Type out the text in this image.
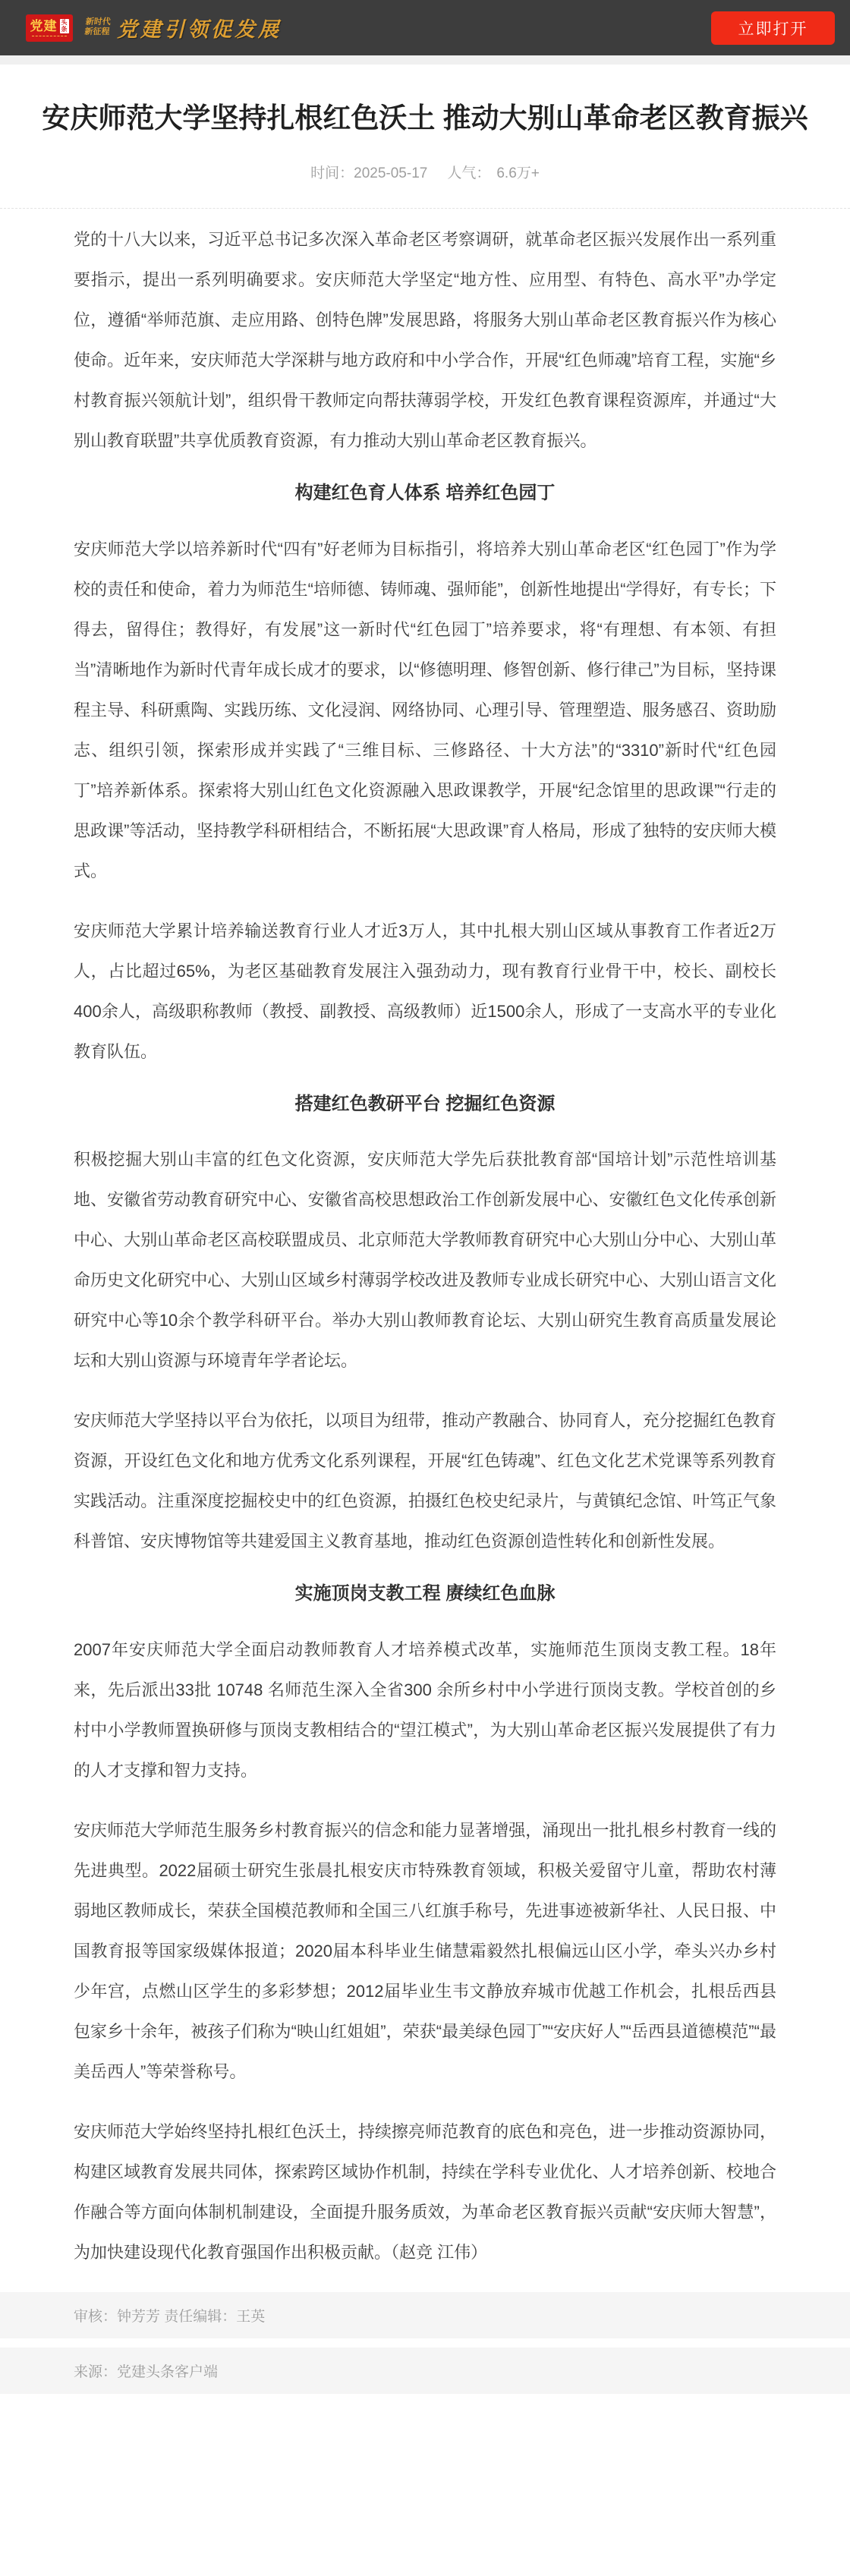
党建 头条
新时代
新征程 党建引领促发展	立即打开
安庆师范大学坚持扎根红色沃土 推动大别山革命老区教育振兴
时间：2025-05-17 人气： 6.6万+

党的十八大以来，习近平总书记多次深入革命老区考察调研，就革命老区振兴发展作出一系列重要指示，提出一系列明确要求。安庆师范大学坚定“地方性、应用型、有特色、高水平”办学定位，遵循“举师范旗、走应用路、创特色牌”发展思路，将服务大别山革命老区教育振兴作为核心使命。近年来，安庆师范大学深耕与地方政府和中小学合作，开展“红色师魂”培育工程，实施“乡村教育振兴领航计划”，组织骨干教师定向帮扶薄弱学校，开发红色教育课程资源库，并通过“大别山教育联盟”共享优质教育资源，有力推动大别山革命老区教育振兴。

构建红色育人体系 培养红色园丁

安庆师范大学以培养新时代“四有”好老师为目标指引，将培养大别山革命老区“红色园丁”作为学校的责任和使命，着力为师范生“培师德、铸师魂、强师能”，创新性地提出“学得好，有专长；下得去，留得住；教得好，有发展”这一新时代“红色园丁”培养要求，将“有理想、有本领、有担当”清晰地作为新时代青年成长成才的要求，以“修德明理、修智创新、修行律己”为目标，坚持课程主导、科研熏陶、实践历练、文化浸润、网络协同、心理引导、管理塑造、服务感召、资助励志、组织引领，探索形成并实践了“三维目标、三修路径、十大方法”的“3310”新时代“红色园丁”培养新体系。探索将大别山红色文化资源融入思政课教学，开展“纪念馆里的思政课”“行走的思政课”等活动，坚持教学科研相结合，不断拓展“大思政课”育人格局，形成了独特的安庆师大模式。

安庆师范大学累计培养输送教育行业人才近3万人，其中扎根大别山区域从事教育工作者近2万人，占比超过65%，为老区基础教育发展注入强劲动力，现有教育行业骨干中，校长、副校长400余人，高级职称教师（教授、副教授、高级教师）近1500余人，形成了一支高水平的专业化教育队伍。

搭建红色教研平台 挖掘红色资源

积极挖掘大别山丰富的红色文化资源，安庆师范大学先后获批教育部“国培计划”示范性培训基地、安徽省劳动教育研究中心、安徽省高校思想政治工作创新发展中心、安徽红色文化传承创新中心、大别山革命老区高校联盟成员、北京师范大学教师教育研究中心大别山分中心、大别山革命历史文化研究中心、大别山区域乡村薄弱学校改进及教师专业成长研究中心、大别山语言文化研究中心等10余个教学科研平台。举办大别山教师教育论坛、大别山研究生教育高质量发展论坛和大别山资源与环境青年学者论坛。

安庆师范大学坚持以平台为依托，以项目为纽带，推动产教融合、协同育人，充分挖掘红色教育资源，开设红色文化和地方优秀文化系列课程，开展“红色铸魂”、红色文化艺术党课等系列教育实践活动。注重深度挖掘校史中的红色资源，拍摄红色校史纪录片，与黄镇纪念馆、叶笃正气象科普馆、安庆博物馆等共建爱国主义教育基地，推动红色资源创造性转化和创新性发展。

实施顶岗支教工程 赓续红色血脉

2007年安庆师范大学全面启动教师教育人才培养模式改革，实施师范生顶岗支教工程。18年来，先后派出33批 10748 名师范生深入全省300 余所乡村中小学进行顶岗支教。学校首创的乡村中小学教师置换研修与顶岗支教相结合的“望江模式”，为大别山革命老区振兴发展提供了有力的人才支撑和智力支持。

安庆师范大学师范生服务乡村教育振兴的信念和能力显著增强，涌现出一批扎根乡村教育一线的先进典型。2022届硕士研究生张晨扎根安庆市特殊教育领域，积极关爱留守儿童，帮助农村薄弱地区教师成长，荣获全国模范教师和全国三八红旗手称号，先进事迹被新华社、人民日报、中国教育报等国家级媒体报道；2020届本科毕业生储慧霜毅然扎根偏远山区小学，牵头兴办乡村少年宫，点燃山区学生的多彩梦想；2012届毕业生韦文静放弃城市优越工作机会，扎根岳西县包家乡十余年，被孩子们称为“映山红姐姐”，荣获“最美绿色园丁”“安庆好人”“岳西县道德模范”“最美岳西人”等荣誉称号。

安庆师范大学始终坚持扎根红色沃土，持续擦亮师范教育的底色和亮色，进一步推动资源协同，构建区域教育发展共同体，探索跨区域协作机制，持续在学科专业优化、人才培养创新、校地合作融合等方面向体制机制建设，全面提升服务质效，为革命老区教育振兴贡献“安庆师大智慧”，为加快建设现代化教育强国作出积极贡献。（赵竞 江伟）

审核：钟芳芳 责任编辑：王英
来源：党建头条客户端
